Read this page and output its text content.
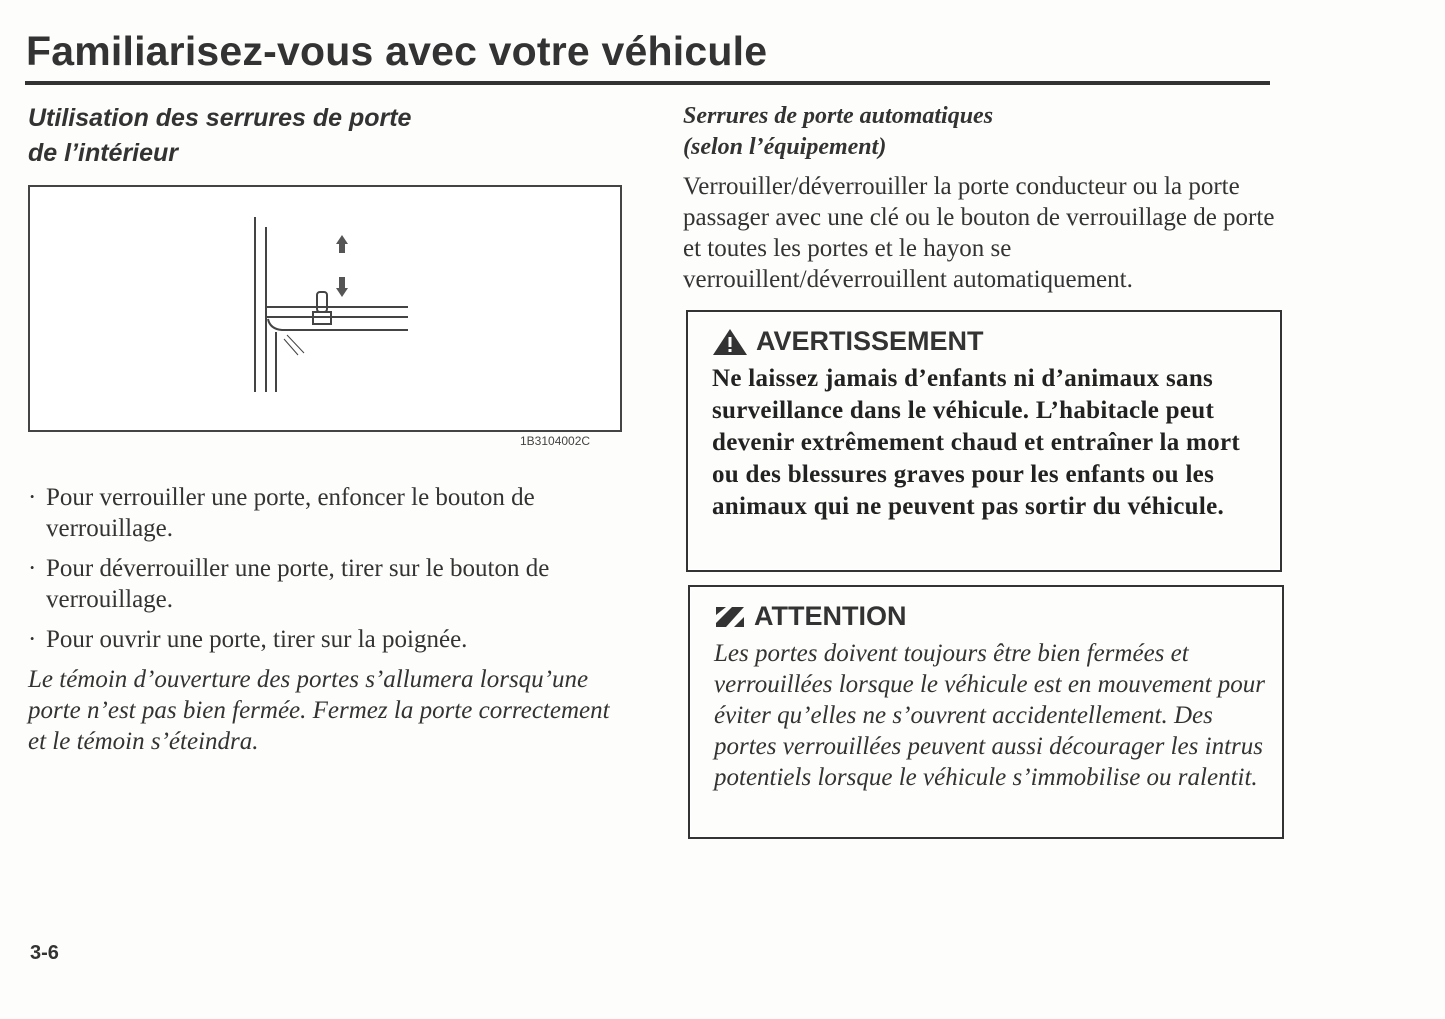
Familiarisez-vous avec votre véhicule
Utilisation des serrures de porte
de l’intérieur
1B3104002C
· Pour verrouiller une porte, enfoncer le bouton de verrouillage.
· Pour déverrouiller une porte, tirer sur le bouton de verrouillage.
· Pour ouvrir une porte, tirer sur la poignée.
Le témoin d’ouverture des portes s’allumera lorsqu’une porte n’est pas bien fermée. Fermez la porte correctement et le témoin s’éteindra.
Serrures de porte automatiques
(selon l’équipement)
Verrouiller/déverrouiller la porte conducteur ou la porte passager avec une clé ou le bouton de verrouillage de porte et toutes les portes et le hayon se verrouillent/déverrouillent automatiquement.
AVERTISSEMENT
Ne laissez jamais d’enfants ni d’animaux sans surveillance dans le véhicule. L’habitacle peut devenir extrêmement chaud et entraîner la mort ou des blessures graves pour les enfants ou les animaux qui ne peuvent pas sortir du véhicule.
ATTENTION
Les portes doivent toujours être bien fermées et verrouillées lorsque le véhicule est en mouvement pour éviter qu’elles ne s’ouvrent accidentellement. Des portes verrouillées peuvent aussi décourager les intrus potentiels lorsque le véhicule s’immobilise ou ralentit.
3-6
